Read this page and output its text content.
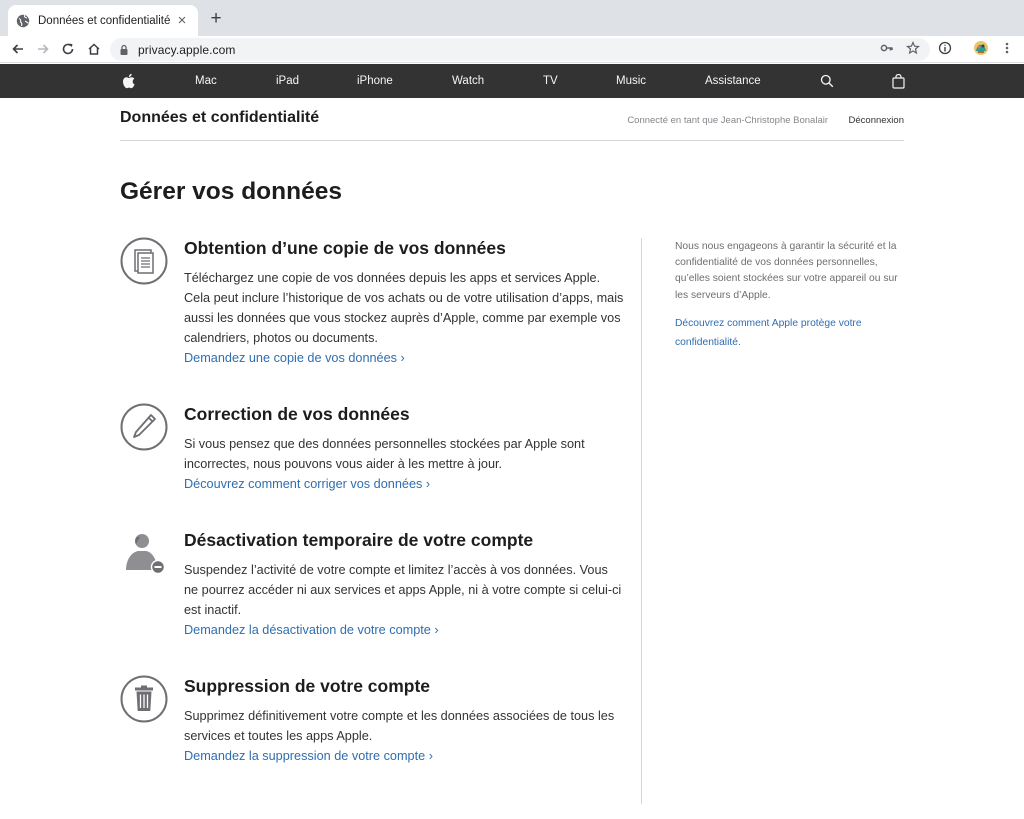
Données et confidentialité × +
privacy.apple.com
Mac	iPad	iPhone	Watch	TV	Music	Assistance
Données et confidentialité	Connecté en tant que Jean-Christophe Bonalair Déconnexion
Gérer vos données
Obtention d’une copie de vos données

Téléchargez une copie de vos données depuis les apps et services Apple. Cela peut inclure l’historique de vos achats ou de votre utilisation d’apps, mais aussi les données que vous stockez auprès d’Apple, comme par exemple vos calendriers, photos ou documents.

Demandez une copie de vos données ›
Correction de vos données

Si vous pensez que des données personnelles stockées par Apple sont incorrectes, nous pouvons vous aider à les mettre à jour.

Découvrez comment corriger vos données ›
Désactivation temporaire de votre compte

Suspendez l’activité de votre compte et limitez l’accès à vos données. Vous ne pourrez accéder ni aux services et apps Apple, ni à votre compte si celui-ci est inactif.

Demandez la désactivation de votre compte ›
Suppression de votre compte

Supprimez définitivement votre compte et les données associées de tous les services et toutes les apps Apple.

Demandez la suppression de votre compte ›

Nous nous engageons à garantir la sécurité et la confidentialité de vos données personnelles, qu’elles soient stockées sur votre appareil ou sur les serveurs d’Apple.

Découvrez comment Apple protège votre confidentialité.
